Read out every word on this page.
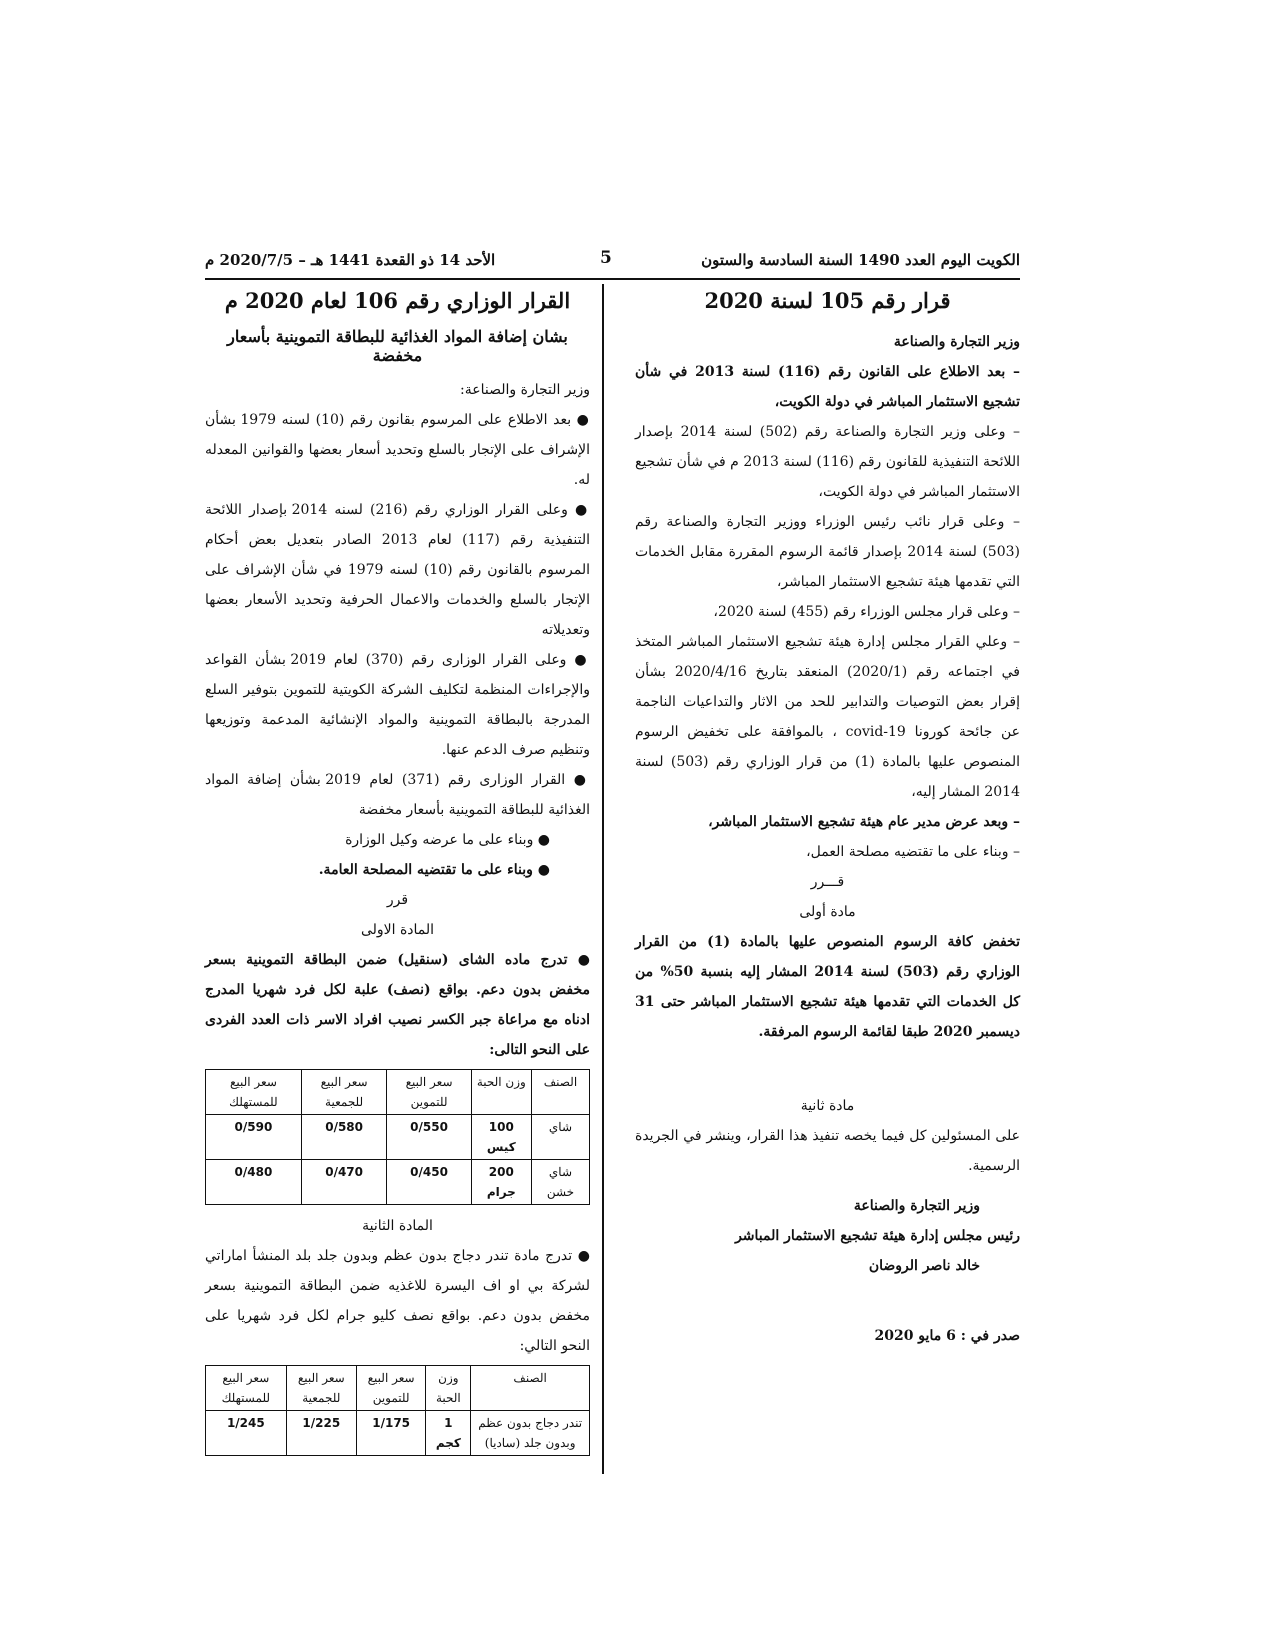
الكويت اليوم العدد 1490 السنة السادسة والستون
5
الأحد 14 ذو القعدة 1441 هـ – 2020/7/5 م
قرار رقم 105 لسنة 2020

وزير التجارة والصناعة

– بعد الاطلاع على القانون رقم (116) لسنة 2013 في شأن تشجيع الاستثمار المباشر في دولة الكويت،

– وعلى وزير التجارة والصناعة رقم (502) لسنة 2014 بإصدار اللائحة التنفيذية للقانون رقم (116) لسنة 2013 م في شأن تشجيع الاستثمار المباشر في دولة الكويت،

– وعلى قرار نائب رئيس الوزراء ووزير التجارة والصناعة رقم (503) لسنة 2014 بإصدار قائمة الرسوم المقررة مقابل الخدمات التي تقدمها هيئة تشجيع الاستثمار المباشر،

– وعلى قرار مجلس الوزراء رقم (455) لسنة 2020،

– وعلي القرار مجلس إدارة هيئة تشجيع الاستثمار المباشر المتخذ في اجتماعه رقم (2020/1) المنعقد بتاريخ 2020/4/16 بشأن إقرار بعض التوصيات والتدابير للحد من الاثار والتداعيات الناجمة عن جائحة كورونا covid-19 ، بالموافقة على تخفيض الرسوم المنصوص عليها بالمادة (1) من قرار الوزاري رقم (503) لسنة 2014 المشار إليه،

– وبعد عرض مدير عام هيئة تشجيع الاستثمار المباشر،

– وبناء على ما تقتضيه مصلحة العمل،

قـــرر

مادة أولى

تخفض كافة الرسوم المنصوص عليها بالمادة (1) من القرار الوزاري رقم (503) لسنة 2014 المشار إليه بنسبة 50% من كل الخدمات التي تقدمها هيئة تشجيع الاستثمار المباشر حتى 31 ديسمبر 2020 طبقا لقائمة الرسوم المرفقة.

مادة ثانية

على المسئولين كل فيما يخصه تنفيذ هذا القرار، وينشر في الجريدة الرسمية.

وزير التجارة والصناعة

رئيس مجلس إدارة هيئة تشجيع الاستثمار المباشر

خالد ناصر الروضان

صدر في : 6 مايو 2020

القرار الوزاري رقم 106 لعام 2020 م
بشان إضافة المواد الغذائية للبطاقة التموينية بأسعار مخفضة

وزير التجارة والصناعة:

● بعد الاطلاع على المرسوم بقانون رقم (10) لسنه 1979 بشأن الإشراف على الإتجار بالسلع وتحديد أسعار بعضها والقوانين المعدله له.

● وعلى القرار الوزاري رقم (216) لسنه 2014 بإصدار اللائحة التنفيذية رقم (117) لعام 2013 الصادر بتعديل بعض أحكام المرسوم بالقانون رقم (10) لسنه 1979 في شأن الإشراف على الإتجار بالسلع والخدمات والاعمال الحرفية وتحديد الأسعار بعضها وتعديلاته

● وعلى القرار الوزارى رقم (370) لعام 2019 بشأن القواعد والإجراءات المنظمة لتكليف الشركة الكويتية للتموين بتوفير السلع المدرجة بالبطاقة التموينية والمواد الإنشائية المدعمة وتوزيعها وتنظيم صرف الدعم عنها.

● القرار الوزارى رقم (371) لعام 2019 بشأن إضافة المواد الغذائية للبطاقة التموينية بأسعار مخفضة

● وبناء على ما عرضه وكيل الوزارة

● وبناء على ما تقتضيه المصلحة العامة.

قرر

المادة الاولى

● تدرج ماده الشاى (سنقيل) ضمن البطاقة التموينية بسعر مخفض بدون دعم. بواقع (نصف) علبة لكل فرد شهريا المدرج ادناه مع مراعاة جبر الكسر نصيب افراد الاسر ذات العدد الفردى على النحو التالى:

الصنف	وزن الحبة	سعر البيع للتموين	سعر البيع للجمعية	سعر البيع للمستهلك
شاي	100 كيس	0/550	0/580	0/590
شاي خشن	200 جرام	0/450	0/470	0/480

المادة الثانية

● تدرج مادة تندر دجاج بدون عظم وبدون جلد بلد المنشأ اماراتي لشركة بي او اف اليسرة للاغذيه ضمن البطاقة التموينية بسعر مخفض بدون دعم. بواقع نصف كليو جرام لكل فرد شهريا على النحو التالي:

الصنف	وزن الحبة	سعر البيع للتموين	سعر البيع للجمعية	سعر البيع للمستهلك
تندر دجاج بدون عظم وبدون جلد (ساديا)	1 كجم	1/175	1/225	1/245
